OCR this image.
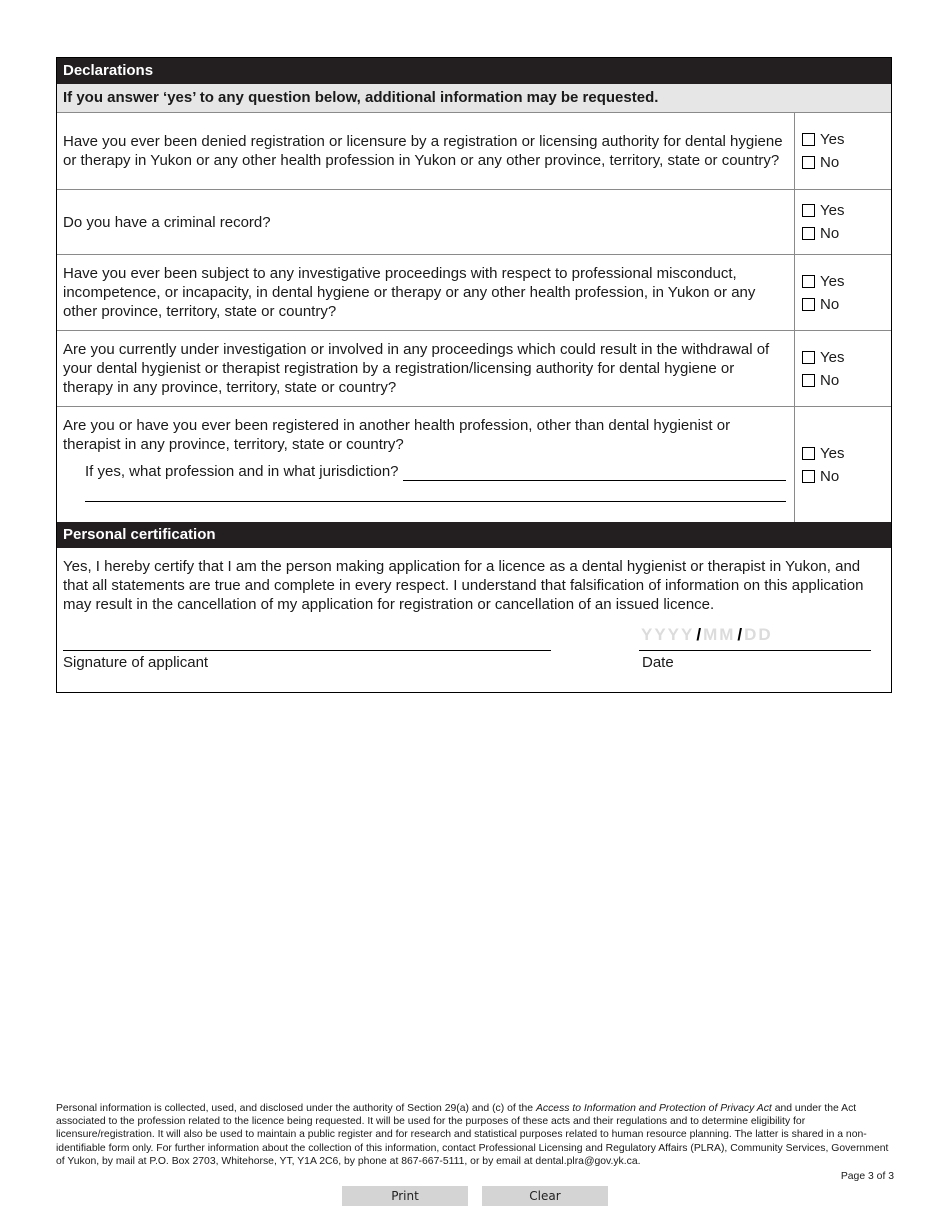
Declarations
If you answer ‘yes’ to any question below, additional information may be requested.
Have you ever been denied registration or licensure by a registration or licensing authority for dental hygiene or therapy in Yukon or any other health profession in Yukon or any other province, territory, state or country?
Yes
No
Do you have a criminal record?
Yes
No
Have you ever been subject to any investigative proceedings with respect to professional misconduct, incompetence, or incapacity, in dental hygiene or therapy or any other health profession, in Yukon or any other province, territory, state or country?
Yes
No
Are you currently under investigation or involved in any proceedings which could result in the withdrawal of your dental hygienist or therapist registration by a registration/licensing authority for dental hygiene or therapy in any province, territory, state or country?
Yes
No
Are you or have you ever been registered in another health profession, other than dental hygienist or therapist in any province, territory, state or country?
If yes, what profession and in what jurisdiction?
Yes
No
Personal certification
Yes, I hereby certify that I am the person making application for a licence as a dental hygienist or therapist in Yukon, and that all statements are true and complete in every respect. I understand that falsification of information on this application may result in the cancellation of my application for registration or cancellation of an issued licence.
Signature of applicant
YYYY / MM / DD
Date
Personal information is collected, used, and disclosed under the authority of Section 29(a) and (c) of the Access to Information and Protection of Privacy Act and under the Act associated to the profession related to the licence being requested. It will be used for the purposes of these acts and their regulations and to determine eligibility for licensure/registration. It will also be used to maintain a public register and for research and statistical purposes related to human resource planning. The latter is shared in a non-identifiable form only. For further information about the collection of this information, contact Professional Licensing and Regulatory Affairs (PLRA), Community Services, Government of Yukon, by mail at P.O. Box 2703, Whitehorse, YT, Y1A 2C6, by phone at 867-667-5111, or by email at dental.plra@gov.yk.ca.
Page 3 of 3
Print	Clear
